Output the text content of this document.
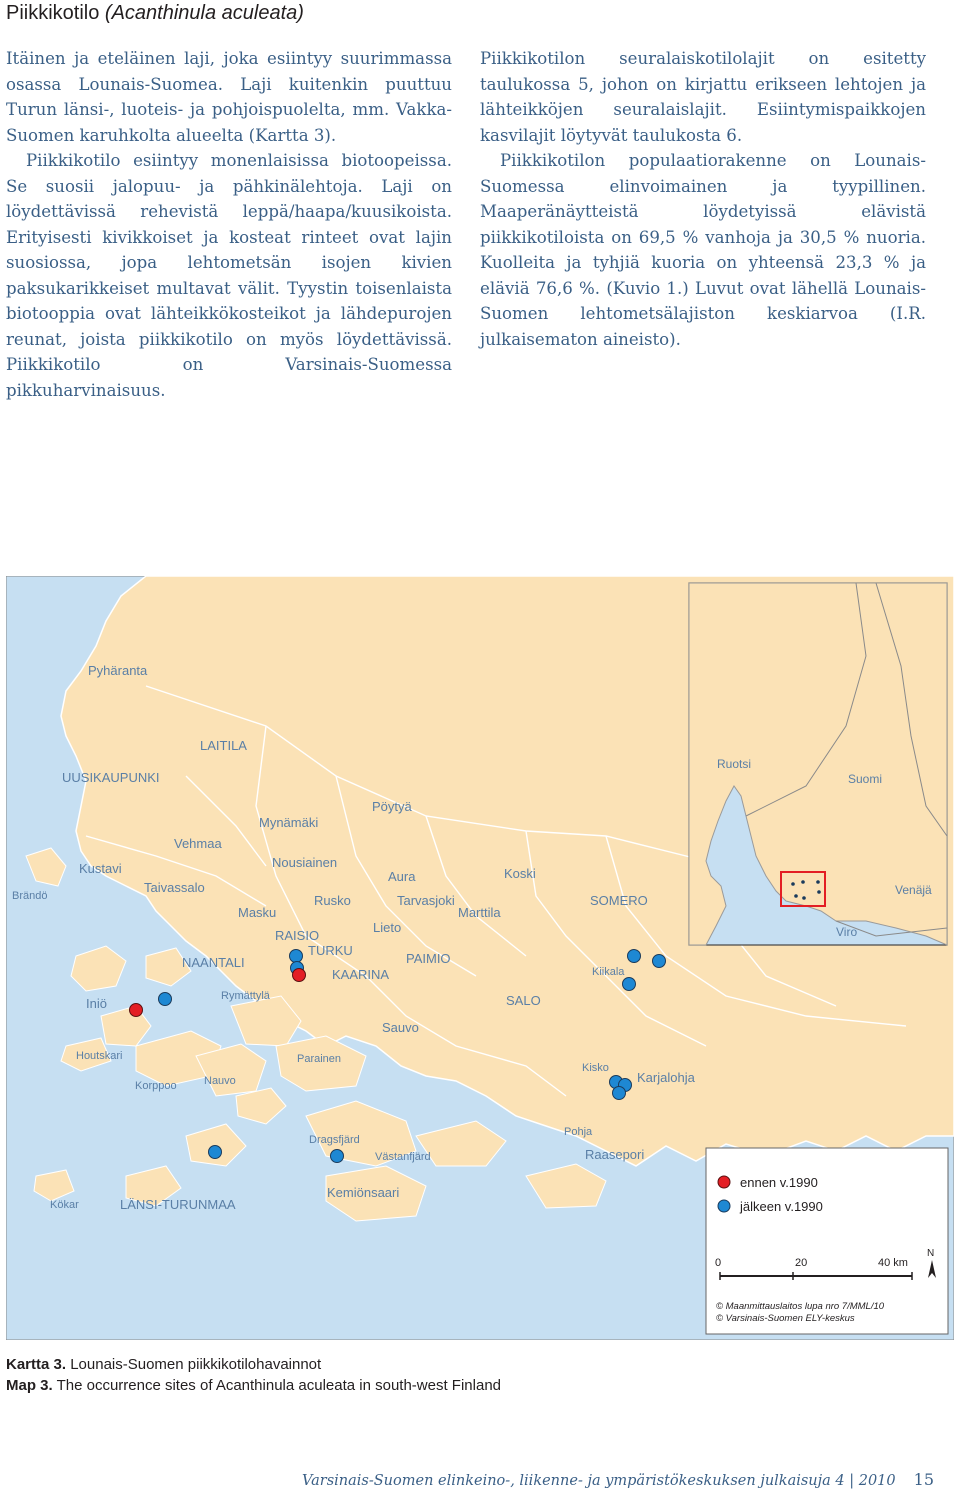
Piikkikotilo (Acanthinula aculeata)

Itäinen ja eteläinen laji, joka esiintyy suurimmassa osassa Lounais-Suomea. Laji kuitenkin puuttuu Turun länsi-, luoteis- ja pohjoispuolelta, mm. Vakka-Suomen karuhkolta alueelta (Kartta 3).

Piikkikotilo esiintyy monenlaisissa biotoopeissa. Se suosii jalopuu- ja pähkinälehtoja. Laji on löydettävissä rehevistä leppä/haapa/kuusikoista. Erityisesti kivikkoiset ja kosteat rinteet ovat lajin suosiossa, jopa lehtometsän isojen kivien paksukarikkeiset multavat välit. Tyystin toisenlaista biotooppia ovat lähteikkökosteikot ja lähdepurojen reunat, joista piikkikotilo on myös löydettävissä. Piikkikotilo on Varsinais-Suomessa pikkuharvinaisuus.

Piikkikotilon seuralaiskotilolajit on esitetty taulukossa 5, johon on kirjattu erikseen lehtojen ja lähteikköjen seuralaislajit. Esiintymispaikkojen kasvilajit löytyvät taulukosta 6.

Piikkikotilon populaatiorakenne on Lounais-Suomessa elinvoimainen ja tyypillinen. Maaperänäytteistä löydetyissä elävistä piikkikotiloista on 69,5 % vanhoja ja 30,5 % nuoria. Kuolleita ja tyhjiä kuoria on yhteensä 23,3 % ja eläviä 76,6 %. (Kuvio 1.) Luvut ovat lähellä Lounais-Suomen lehtometsälajiston keskiarvoa (I.R. julkaisematon aineisto).

Pyhäranta
LAITILA
UUSIKAUPUNKI
Pöytyä
Mynämäki
Vehmaa
Nousiainen
Kustavi
Aura	Koski
Brändö
Taivassalo
Rusko	Tarvasjoki
Marttila
SOMERO
Masku
Lieto
RAISIO
TURKU
PAIMIO
NAANTALI
KAARINA	Kiikala
Rymättylä	SALO
Iniö
Sauvo
Houtskari	Parainen
Kisko
Karjalohja
Korppoo Nauvo
Pohja
Dragsfjärd
Västanfjärd	Raasepori
Kemiönsaari
Kökar	LÄNSI-TURUNMAA
Ruotsi
Suomi
Venäjä
Viro
ennen v.1990
jälkeen v.1990
0	20	40 km
N
© Maanmittauslaitos lupa nro 7/MML/10
© Varsinais-Suomen ELY-keskus
Kartta 3. Lounais-Suomen piikkikotilohavainnot
Map 3. The occurrence sites of Acanthinula aculeata in south-west Finland
Varsinais-Suomen elinkeino-, liikenne- ja ympäristökeskuksen julkaisuja 4 | 2010 15
